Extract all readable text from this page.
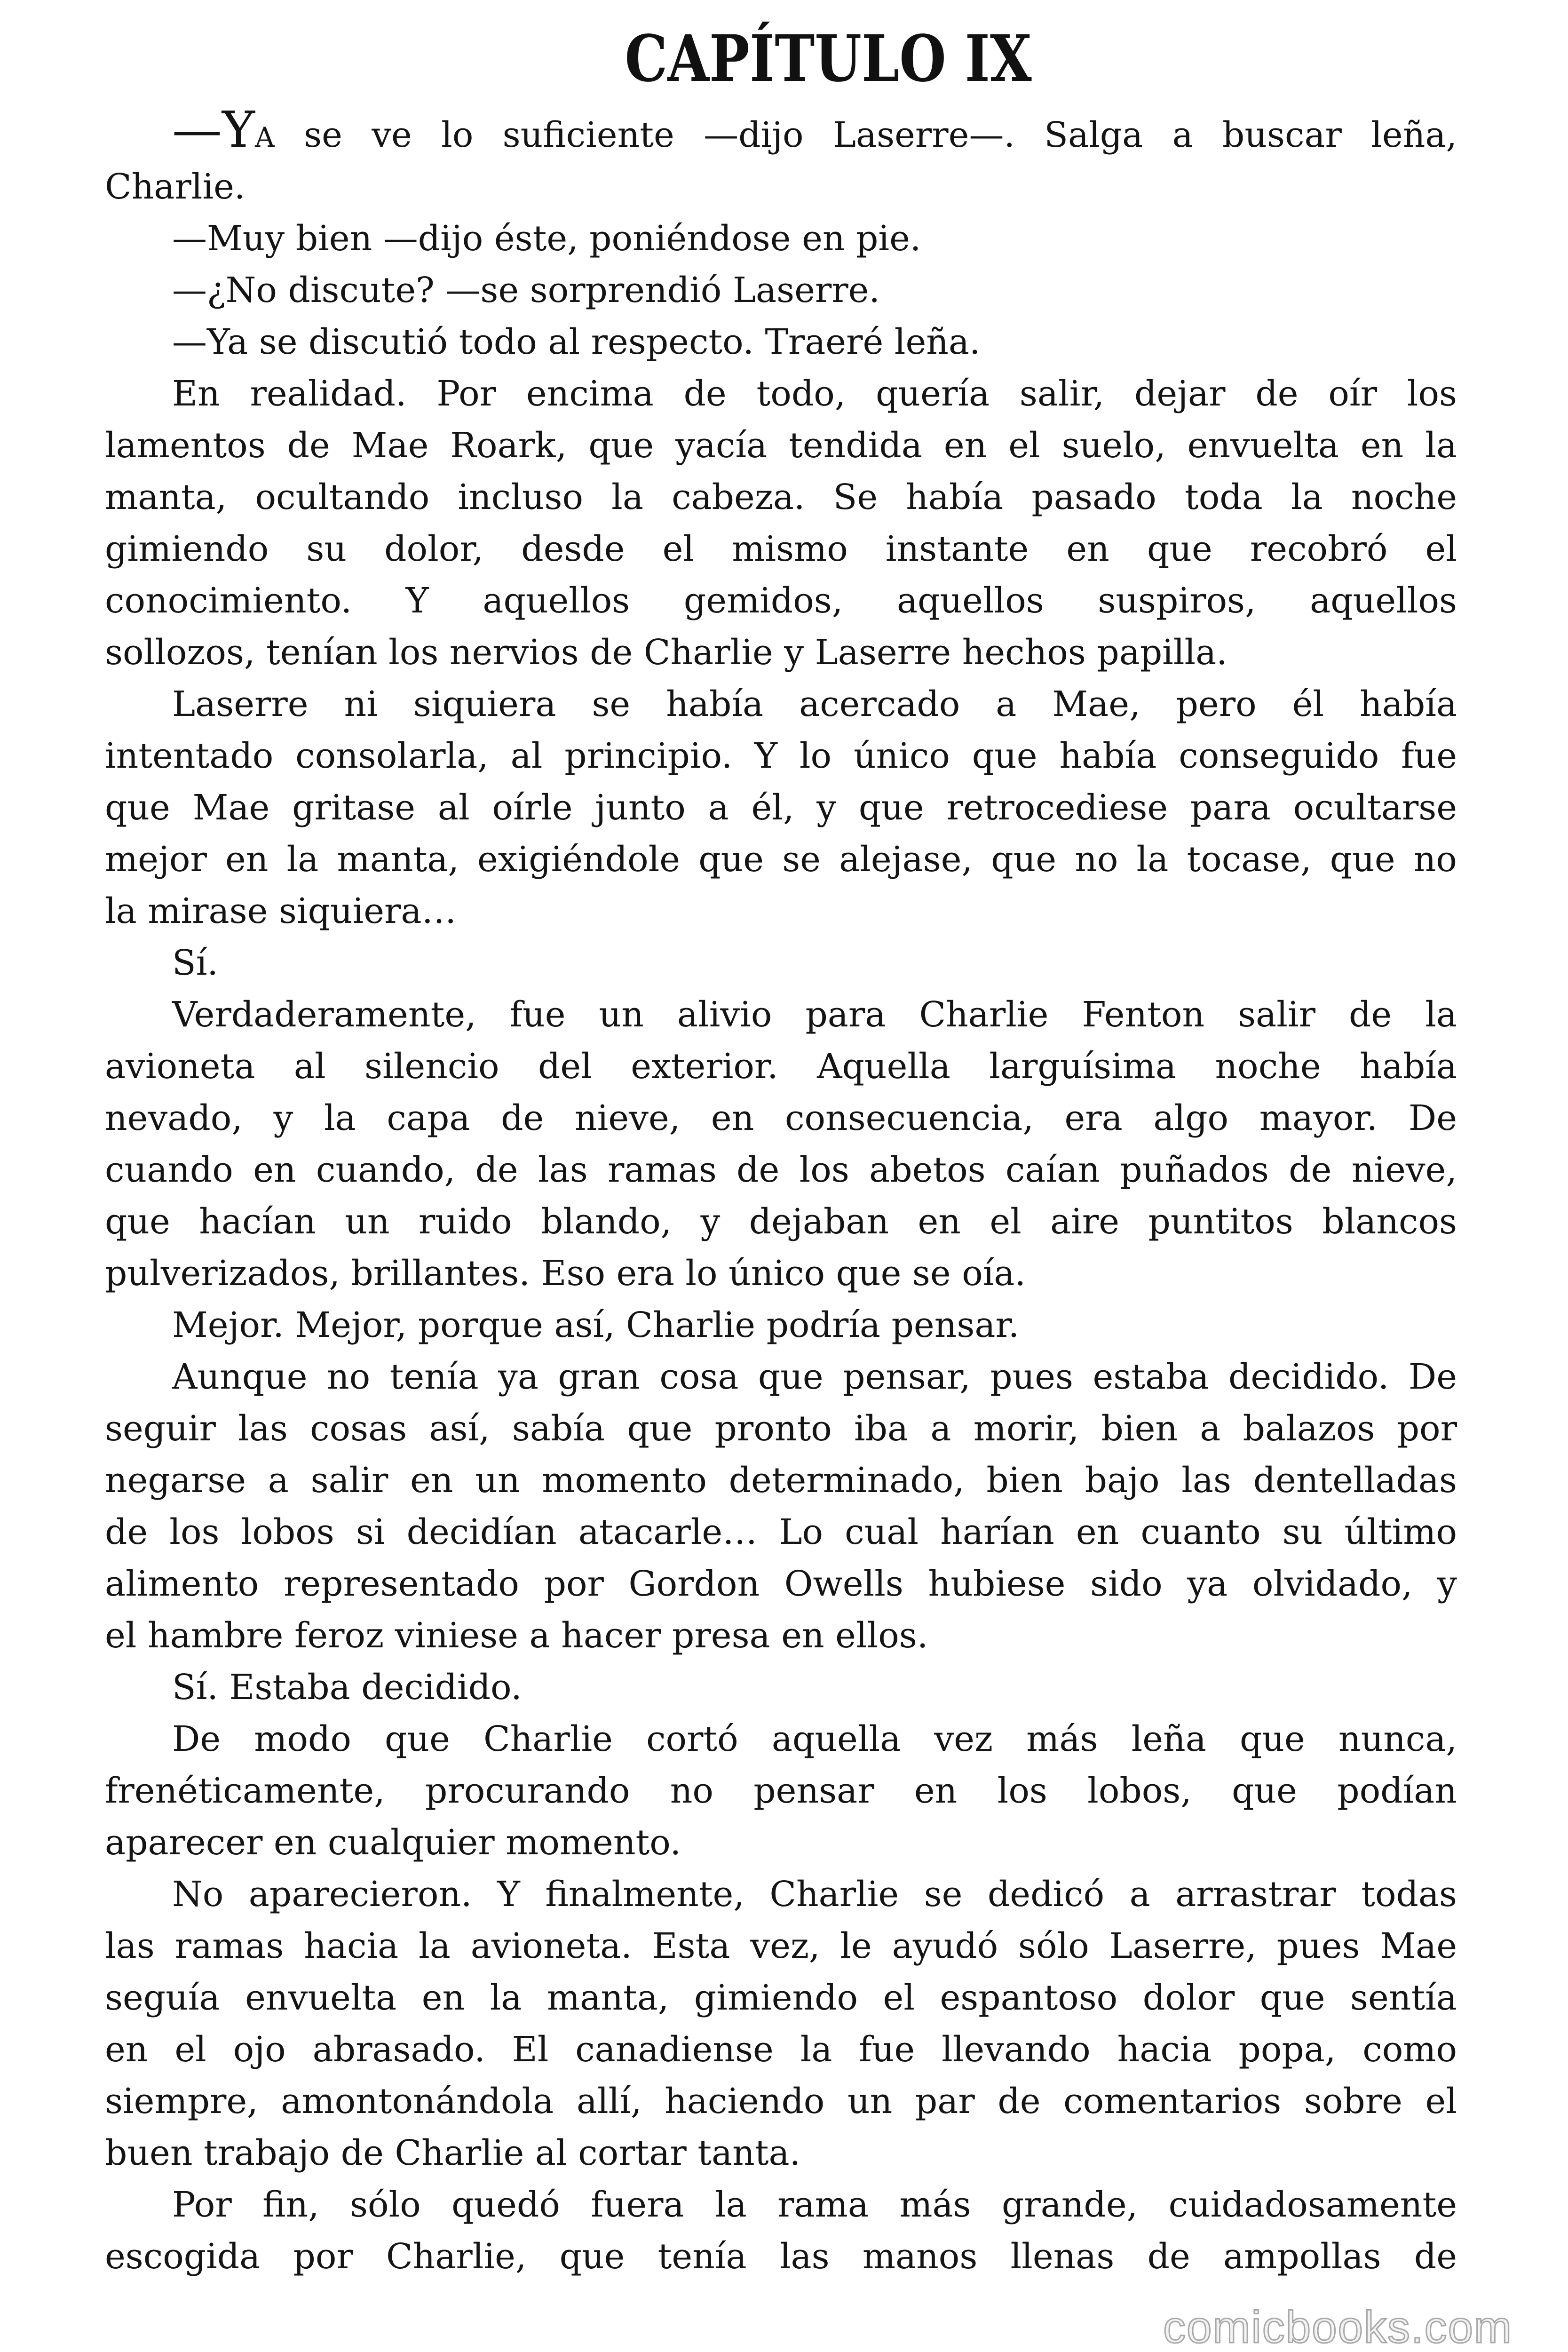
CAPÍTULO IX
—YA se ve lo suficiente —dijo Laserre—. Salga a buscar leña,
Charlie.
—Muy bien —dijo éste, poniéndose en pie.
—¿No discute? —se sorprendió Laserre.
—Ya se discutió todo al respecto. Traeré leña.
En realidad. Por encima de todo, quería salir, dejar de oír los
lamentos de Mae Roark, que yacía tendida en el suelo, envuelta en la
manta, ocultando incluso la cabeza. Se había pasado toda la noche
gimiendo su dolor, desde el mismo instante en que recobró el
conocimiento. Y aquellos gemidos, aquellos suspiros, aquellos
sollozos, tenían los nervios de Charlie y Laserre hechos papilla.
Laserre ni siquiera se había acercado a Mae, pero él había
intentado consolarla, al principio. Y lo único que había conseguido fue
que Mae gritase al oírle junto a él, y que retrocediese para ocultarse
mejor en la manta, exigiéndole que se alejase, que no la tocase, que no
la mirase siquiera…
Sí.
Verdaderamente, fue un alivio para Charlie Fenton salir de la
avioneta al silencio del exterior. Aquella larguísima noche había
nevado, y la capa de nieve, en consecuencia, era algo mayor. De
cuando en cuando, de las ramas de los abetos caían puñados de nieve,
que hacían un ruido blando, y dejaban en el aire puntitos blancos
pulverizados, brillantes. Eso era lo único que se oía.
Mejor. Mejor, porque así, Charlie podría pensar.
Aunque no tenía ya gran cosa que pensar, pues estaba decidido. De
seguir las cosas así, sabía que pronto iba a morir, bien a balazos por
negarse a salir en un momento determinado, bien bajo las dentelladas
de los lobos si decidían atacarle… Lo cual harían en cuanto su último
alimento representado por Gordon Owells hubiese sido ya olvidado, y
el hambre feroz viniese a hacer presa en ellos.
Sí. Estaba decidido.
De modo que Charlie cortó aquella vez más leña que nunca,
frenéticamente, procurando no pensar en los lobos, que podían
aparecer en cualquier momento.
No aparecieron. Y finalmente, Charlie se dedicó a arrastrar todas
las ramas hacia la avioneta. Esta vez, le ayudó sólo Laserre, pues Mae
seguía envuelta en la manta, gimiendo el espantoso dolor que sentía
en el ojo abrasado. El canadiense la fue llevando hacia popa, como
siempre, amontonándola allí, haciendo un par de comentarios sobre el
buen trabajo de Charlie al cortar tanta.
Por fin, sólo quedó fuera la rama más grande, cuidadosamente
escogida por Charlie, que tenía las manos llenas de ampollas de
comicbooks.com
